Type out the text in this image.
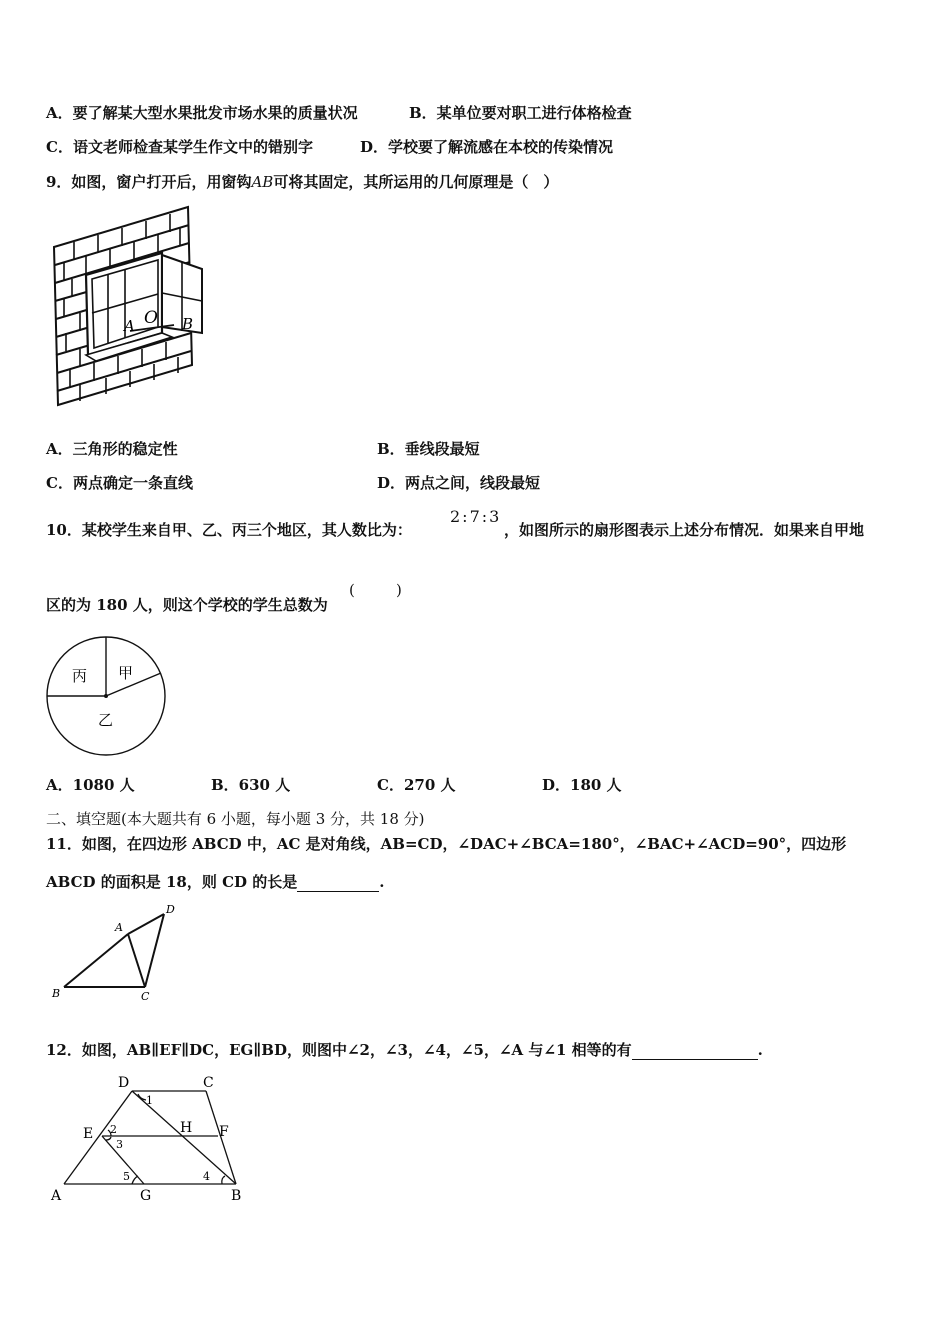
A．要了解某大型水果批发市场水果的质量状况	B．某单位要对职工进行体格检查
C．语文老师检查某学生作文中的错别字	D．学校要了解流感在本校的传染情况
9．如图，窗户打开后，用窗钩AB可将其固定，其所运用的几何原理是（　）
A O B
A．三角形的稳定性	B．垂线段最短
C．两点确定一条直线	D．两点之间，线段最短
10．某校学生来自甲、乙、丙三个地区，其人数比为：
2:7:3
，如图所示的扇形图表示上述分布情况．如果来自甲地
区的为 180 人，则这个学校的学生总数为
(	)
丙 甲
乙
A．1080 人	B．630 人	C．270 人	D．180 人
二、填空题(本大题共有 6 小题，每小题 3 分，共 18 分)
11．如图，在四边形 ABCD 中，AC 是对角线，AB=CD，∠DAC+∠BCA=180°，∠BAC+∠ACD=90°，四边形
ABCD 的面积是 18，则 CD 的长是	.
A
D
B	C
12．如图，AB∥EF∥DC，EG∥BD，则图中∠2，∠3，∠4，∠5，∠A 与∠1 相等的有	.
D	C
E	H F
A	G	B
1
2
3
4
5
